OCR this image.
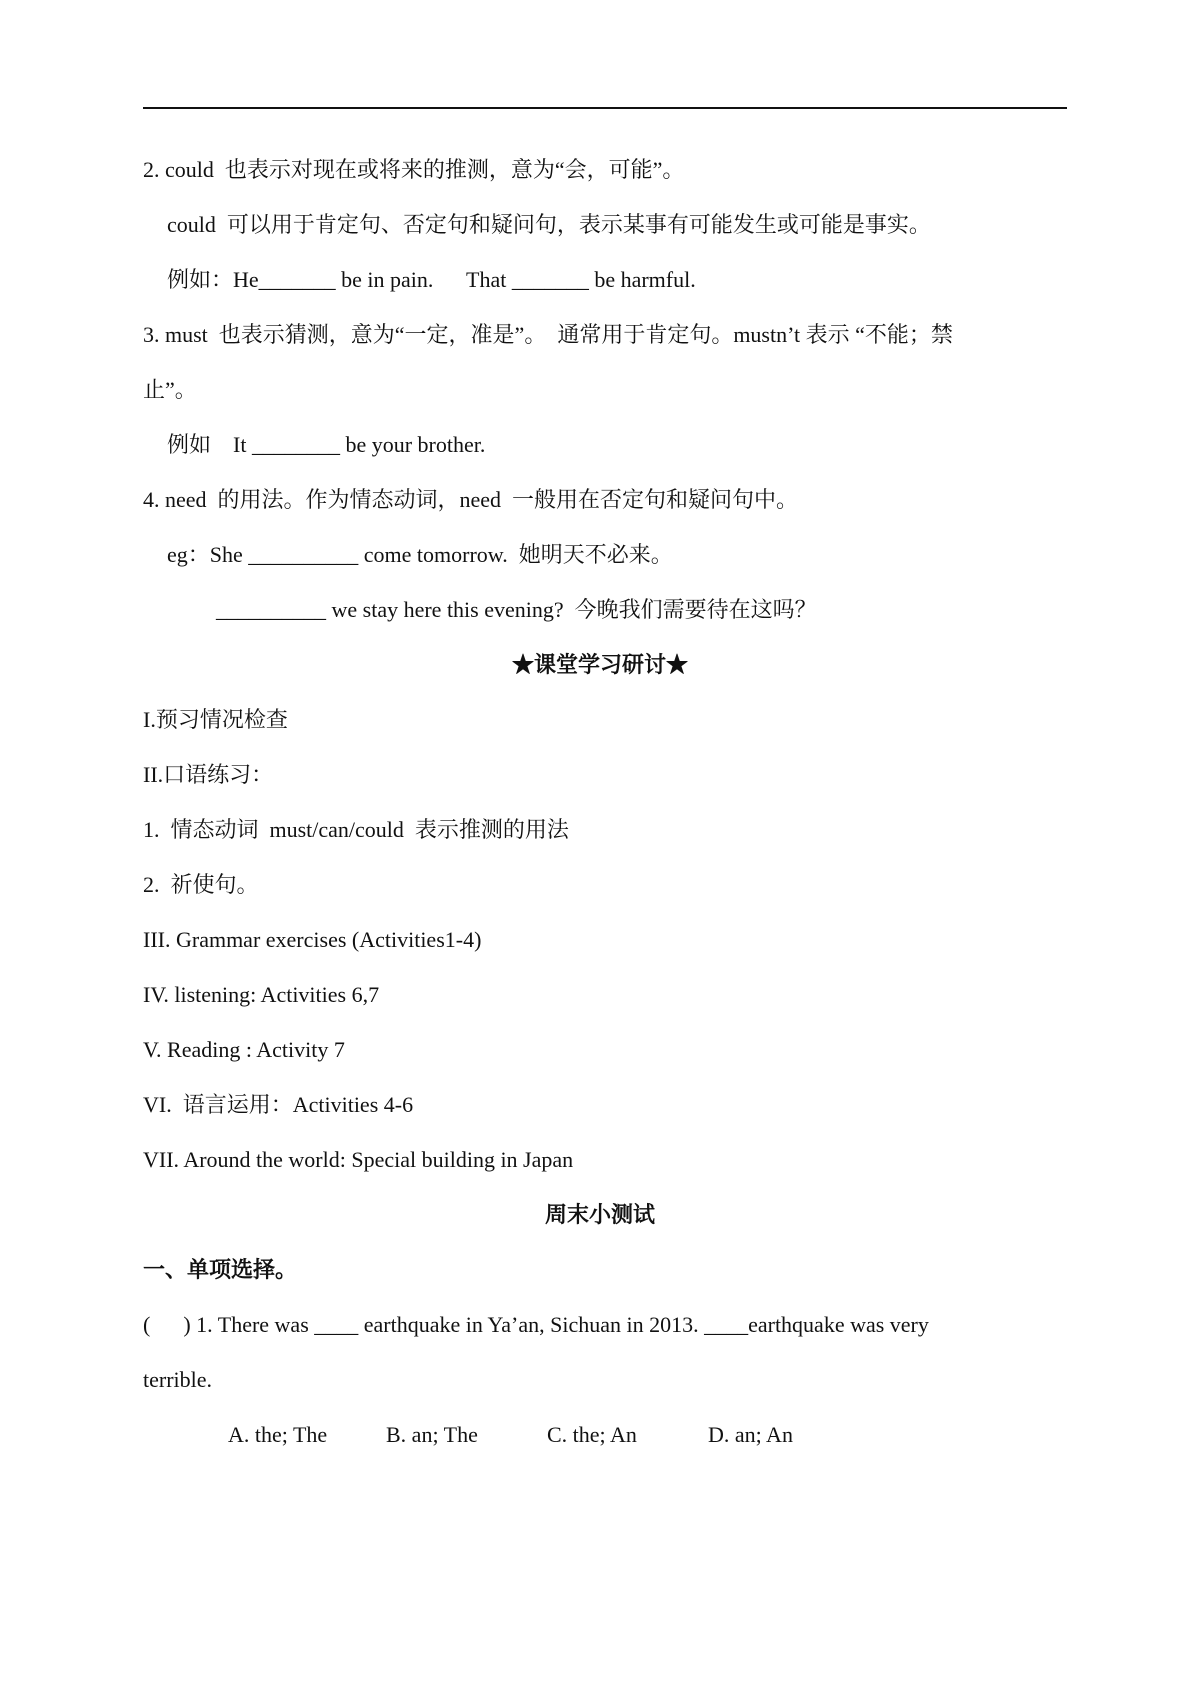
2. could  也表示对现在或将来的推测，意为“会，可能”。
could  可以用于肯定句、否定句和疑问句，表示某事有可能发生或可能是事实。
例如：He_______ be in pain.      That _______ be harmful.
3. must  也表示猜测，意为“一定，准是”。  通常用于肯定句。mustn’t 表示 “不能；禁
止”。
例如    It ________ be your brother.
4. need  的用法。作为情态动词，need  一般用在否定句和疑问句中。
eg：She __________ come tomorrow.  她明天不必来。
__________ we stay here this evening?  今晚我们需要待在这吗？
★课堂学习研讨★
I.预习情况检查
II.口语练习：
1.  情态动词  must/can/could  表示推测的用法
2.  祈使句。
III. Grammar exercises (Activities1-4)
IV. listening: Activities 6,7
V. Reading : Activity 7
VI.  语言运用：Activities 4-6
VII. Around the world: Special building in Japan
周末小测试
一、单项选择。
(      ) 1. There was ____ earthquake in Ya’an, Sichuan in 2013. ____earthquake was very
terrible.
A. the; The	B. an; The	C. the; An	D. an; An
